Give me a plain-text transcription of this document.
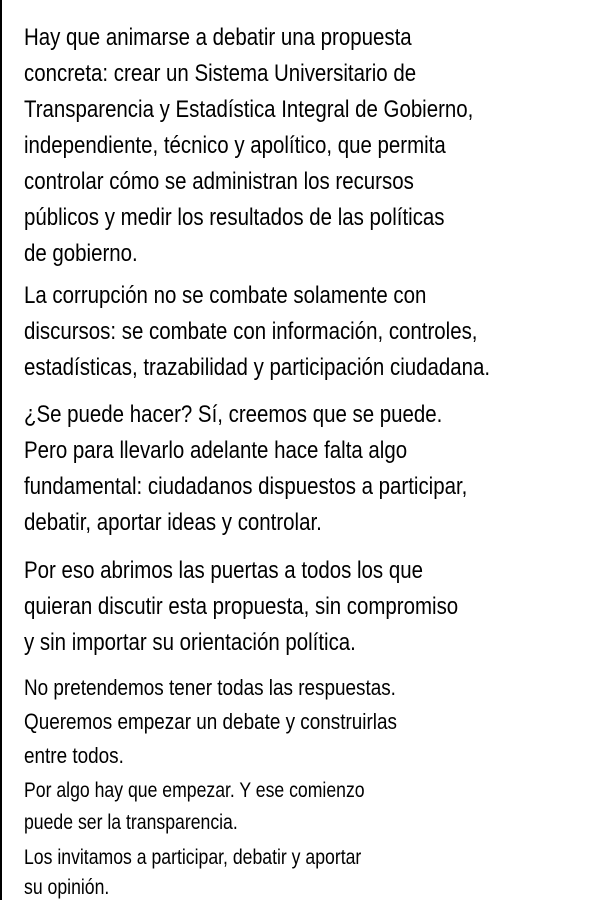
Hay que animarse a debatir una propuesta
concreta: crear un Sistema Universitario de
Transparencia y Estadística Integral de Gobierno,
independiente, técnico y apolítico, que permita
controlar cómo se administran los recursos
públicos y medir los resultados de las políticas
de gobierno.

La corrupción no se combate solamente con
discursos: se combate con información, controles,
estadísticas, trazabilidad y participación ciudadana.

¿Se puede hacer? Sí, creemos que se puede.
Pero para llevarlo adelante hace falta algo
fundamental: ciudadanos dispuestos a participar,
debatir, aportar ideas y controlar.

Por eso abrimos las puertas a todos los que
quieran discutir esta propuesta, sin compromiso
y sin importar su orientación política.

No pretendemos tener todas las respuestas.
Queremos empezar un debate y construirlas
entre todos.

Por algo hay que empezar. Y ese comienzo
puede ser la transparencia.

Los invitamos a participar, debatir y aportar
su opinión.
